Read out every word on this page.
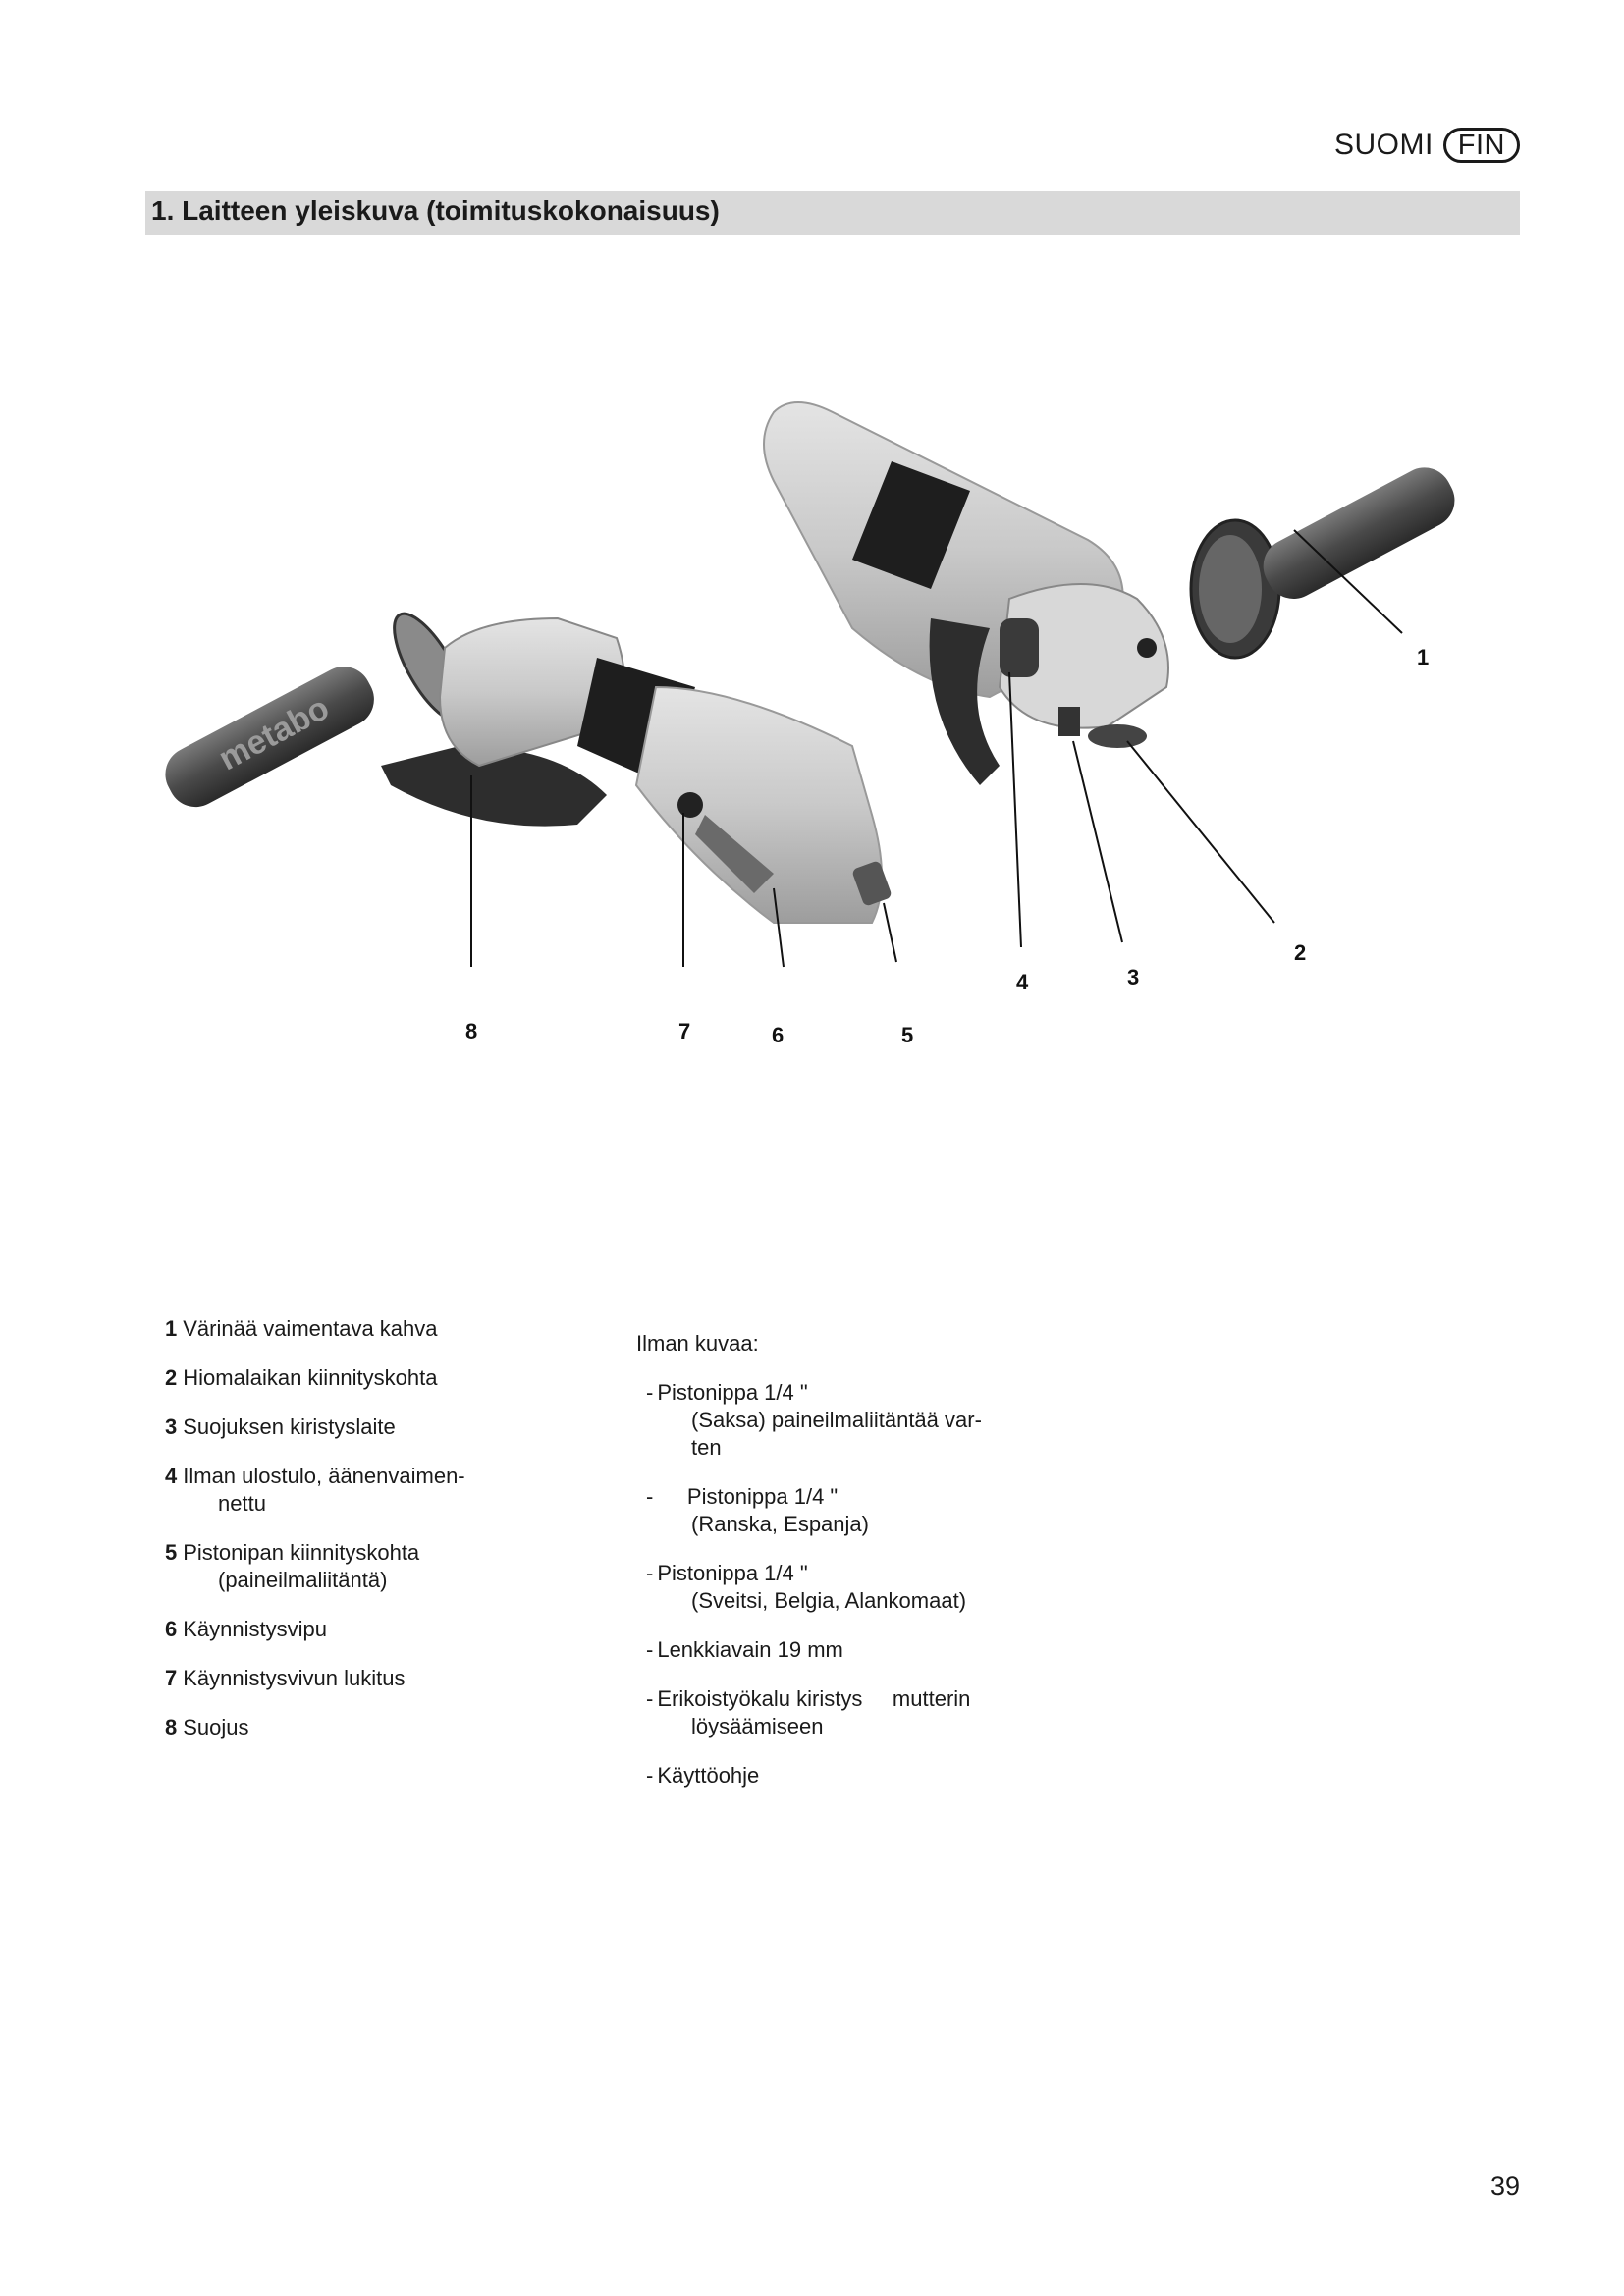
SUOMI FIN
1. Laitteen yleiskuva (toimituskokonaisuus)
metabo
1
2
3
4
5
6
7
8
1 Värinää vaimentava kahva
2 Hiomalaikan kiinnityskohta
3 Suojuksen kiristyslaite
4 Ilman ulostulo, äänenvaimen-
nettu
5 Pistonipan kiinnityskohta
(paineilmaliitäntä)
6 Käynnistysvipu
7 Käynnistysvivun lukitus
8 Suojus

Ilman kuvaa:

- Pistonippa 1/4 "
(Saksa) paineilmaliitäntää var-
ten
-     Pistonippa 1/4 "
(Ranska, Espanja)
- Pistonippa 1/4 "
(Sveitsi, Belgia, Alankomaat)
- Lenkkiavain 19 mm
- Erikoistyökalu kiristys     mutterin
löysäämiseen
- Käyttöohje
39
